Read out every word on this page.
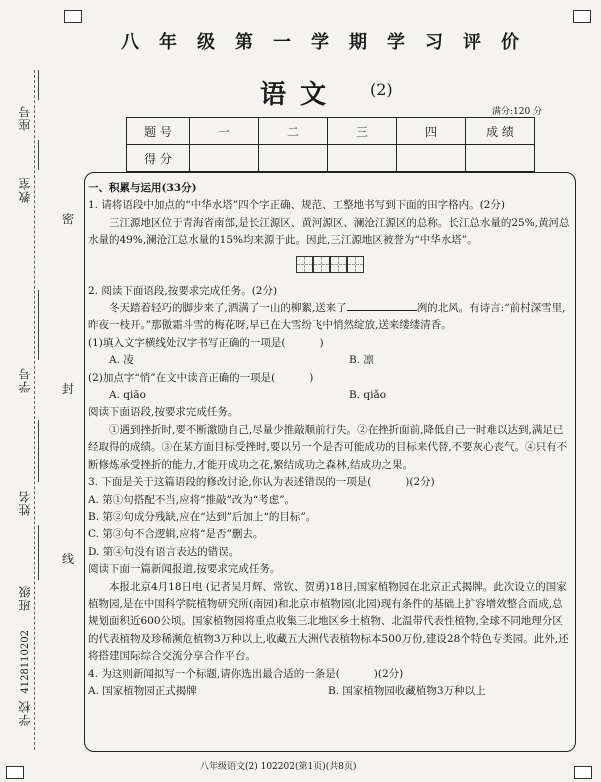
座号
教室
学号
姓名
班级
学校
4128110202
密
封
线
八年级第一学期学习评价
语文 (2)
满分:120 分
题 号	一	二	三	四	成 绩
得 分					

一、积累与运用(33分)

1. 请将语段中加点的“中华水塔”四个字正确、规范、工整地书写到下面的田字格内。(2分)

三江源地区位于青海省南部,是长江源区、黄河源区、澜沧江源区的总称。长江总水量的25%,黄河总水量的49%,澜沧江总水量的15%均来源于此。因此,三江源地区被誉为“中华水塔”。

2. 阅读下面语段,按要求完成任务。(2分)

冬天踏着轻巧的脚步来了,洒满了一山的柳絮,送来了	冽的北风。有诗言:“前村深雪里,昨夜一枝开。”那傲霜斗雪的梅花呀,早已在大雪纷飞中悄然绽放,送来缕缕清香。

(1)填入文字横线处汉字书写正确的一项是(	)

A. 凌	B. 凛

(2)加点字“悄”在文中读音正确的一项是(	)

A. qiāo	B. qiǎo

阅读下面语段,按要求完成任务。

①遇到挫折时,要不断激励自己,尽量少推敲顺前行失。②在挫折面前,降低自己一时难以达到,满足已经取得的成绩。③在某方面目标受挫时,要以另一个是否可能成功的目标来代替,不要灰心丧气。④只有不断修炼承受挫折的能力,才能开成功之花,繁结成功之森林,结成功之果。

3. 下面是关于这篇语段的修改讨论,你认为表述错误的一项是(	)(2分)

A. 第①句搭配不当,应将“推敲”改为“考虑”。

B. 第②句成分残缺,应在“达到”后加上“的目标”。

C. 第③句不合逻辑,应将“是否”删去。

D. 第④句没有语言表达的错误。

阅读下面一篇新闻报道,按要求完成任务。

本报北京4月18日电 (记者吴月辉、常钦、贺勇)18日,国家植物园在北京正式揭牌。此次设立的国家植物园,是在中国科学院植物研究所(南园)和北京市植物园(北园)现有条件的基础上扩容增效整合而成,总规划面积近600公顷。国家植物园将重点收集三北地区乡土植物、北温带代表性植物,全球不同地理分区的代表植物及珍稀濒危植物3万种以上,收藏五大洲代表植物标本500万份,建设28个特色专类园。此外,还将搭建国际综合交流分享合作平台。

4. 为这则新闻拟写一个标题,请你选出最合适的一条是(	)(2分)

A. 国家植物园正式揭牌	B. 国家植物园收藏植物3万种以上

八年级语文(2) 102202(第1页)(共8页)
